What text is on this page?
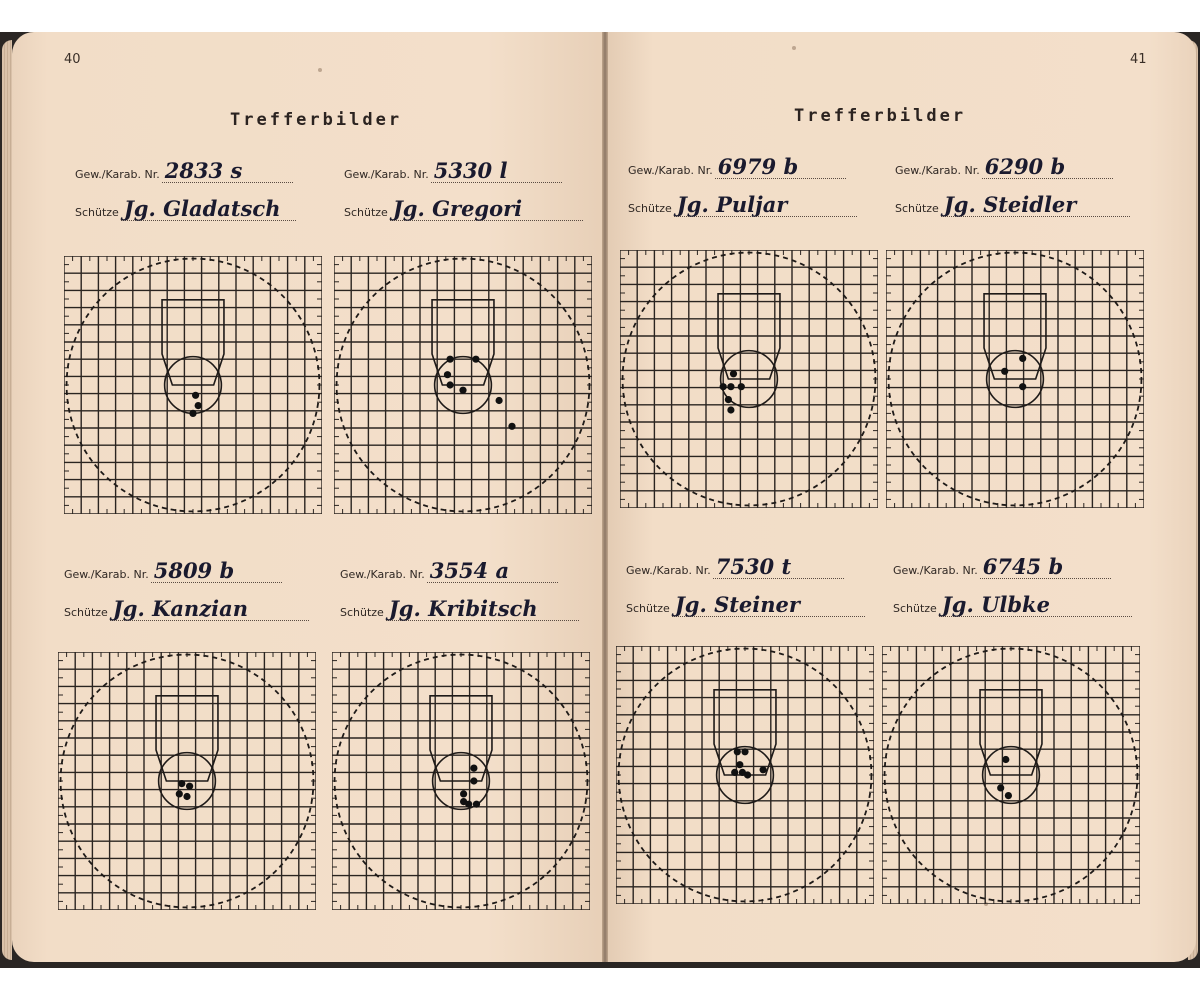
40
Trefferbilder
41
Trefferbilder
Gew./Karab. Nr. 2833 s
Schütze Jg. Gladatsch
Gew./Karab. Nr. 5330 l
Schütze Jg. Gregori
Gew./Karab. Nr. 6979 b
Schütze Jg. Puljar
Gew./Karab. Nr. 6290 b
Schütze Jg. Steidler
Gew./Karab. Nr. 5809 b
Schütze Jg. Kanzian
Gew./Karab. Nr. 3554 a
Schütze Jg. Kribitsch
Gew./Karab. Nr. 7530 t
Schütze Jg. Steiner
Gew./Karab. Nr. 6745 b
Schütze Jg. Ulbke
